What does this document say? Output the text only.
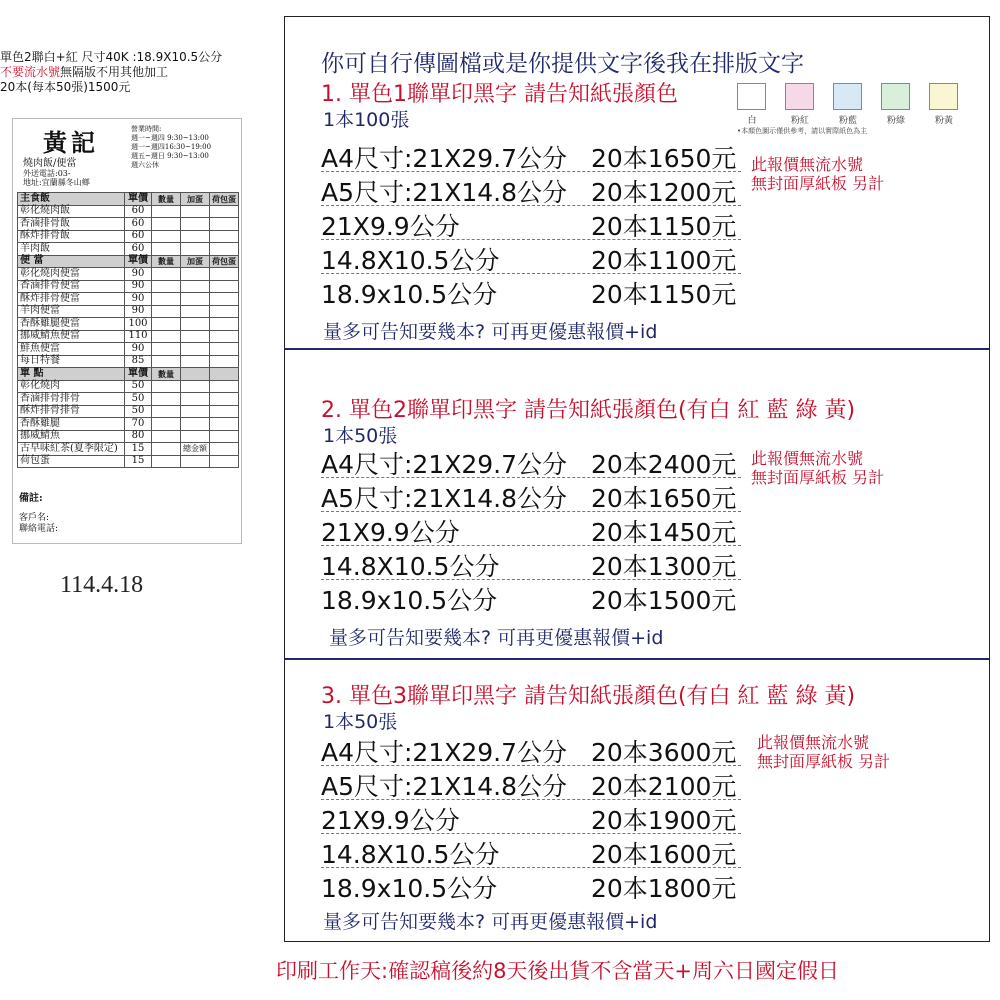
單色2聯白+紅 尺寸40K :18.9X10.5公分
不要流水號無隔版不用其他加工
20本(每本50張)1500元
黃記
燒肉飯/便當
外送電話:03-
地址:宜蘭縣冬山鄉
營業時間:
週一~週四 9:30~13:00
週一~週四16:30~19:00
週五~週日 9:30~13:00
週六公休
主食飯	單價	數量	加蛋	荷包蛋
彰化燒肉飯	60			
香滷排骨飯	60			
酥炸排骨飯	60			
羊肉飯	60			
便 當	單價	數量	加蛋	荷包蛋
彰化燒肉便當	90			
香滷排骨便當	90			
酥炸排骨便當	90			
羊肉便當	90			
香酥雞腿便當	100			
挪威鯖魚便當	110			
鮮魚便當	90			
每日特餐	85			
單 點	單價	數量		
彰化燒肉	50			
香滷排骨排骨	50			
酥炸排骨排骨	50			
香酥雞腿	70			
挪威鯖魚	80			
古早味紅茶(夏季限定)	15		總金額	
荷包蛋	15			
備註:
客戶名:
聯絡電話:
114.4.18
你可自行傳圖檔或是你提供文字後我在排版文字
白	粉紅	粉藍	粉綠	粉黃
•本顏色圖示僅供參考，請以實際紙色為主
1. 單色1聯單印黑字 請告知紙張顏色
1本100張
A4尺寸:21X29.7公分 20本1650元
A5尺寸:21X14.8公分 20本1200元
21X9.9公分	20本1150元
14.8X10.5公分	20本1100元
18.9x10.5公分	20本1150元
量多可告知要幾本? 可再更優惠報價+id
此報價無流水號
無封面厚紙板 另計
2. 單色2聯單印黑字 請告知紙張顏色(有白 紅 藍 綠 黃)
1本50張
A4尺寸:21X29.7公分 20本2400元
A5尺寸:21X14.8公分 20本1650元
21X9.9公分	20本1450元
14.8X10.5公分	20本1300元
18.9x10.5公分	20本1500元
量多可告知要幾本? 可再更優惠報價+id
此報價無流水號
無封面厚紙板 另計
3. 單色3聯單印黑字 請告知紙張顏色(有白 紅 藍 綠 黃)
1本50張
A4尺寸:21X29.7公分 20本3600元
A5尺寸:21X14.8公分 20本2100元
21X9.9公分	20本1900元
14.8X10.5公分	20本1600元
18.9x10.5公分	20本1800元
量多可告知要幾本? 可再更優惠報價+id
此報價無流水號
無封面厚紙板 另計
印刷工作天:確認稿後約8天後出貨不含當天+周六日國定假日
